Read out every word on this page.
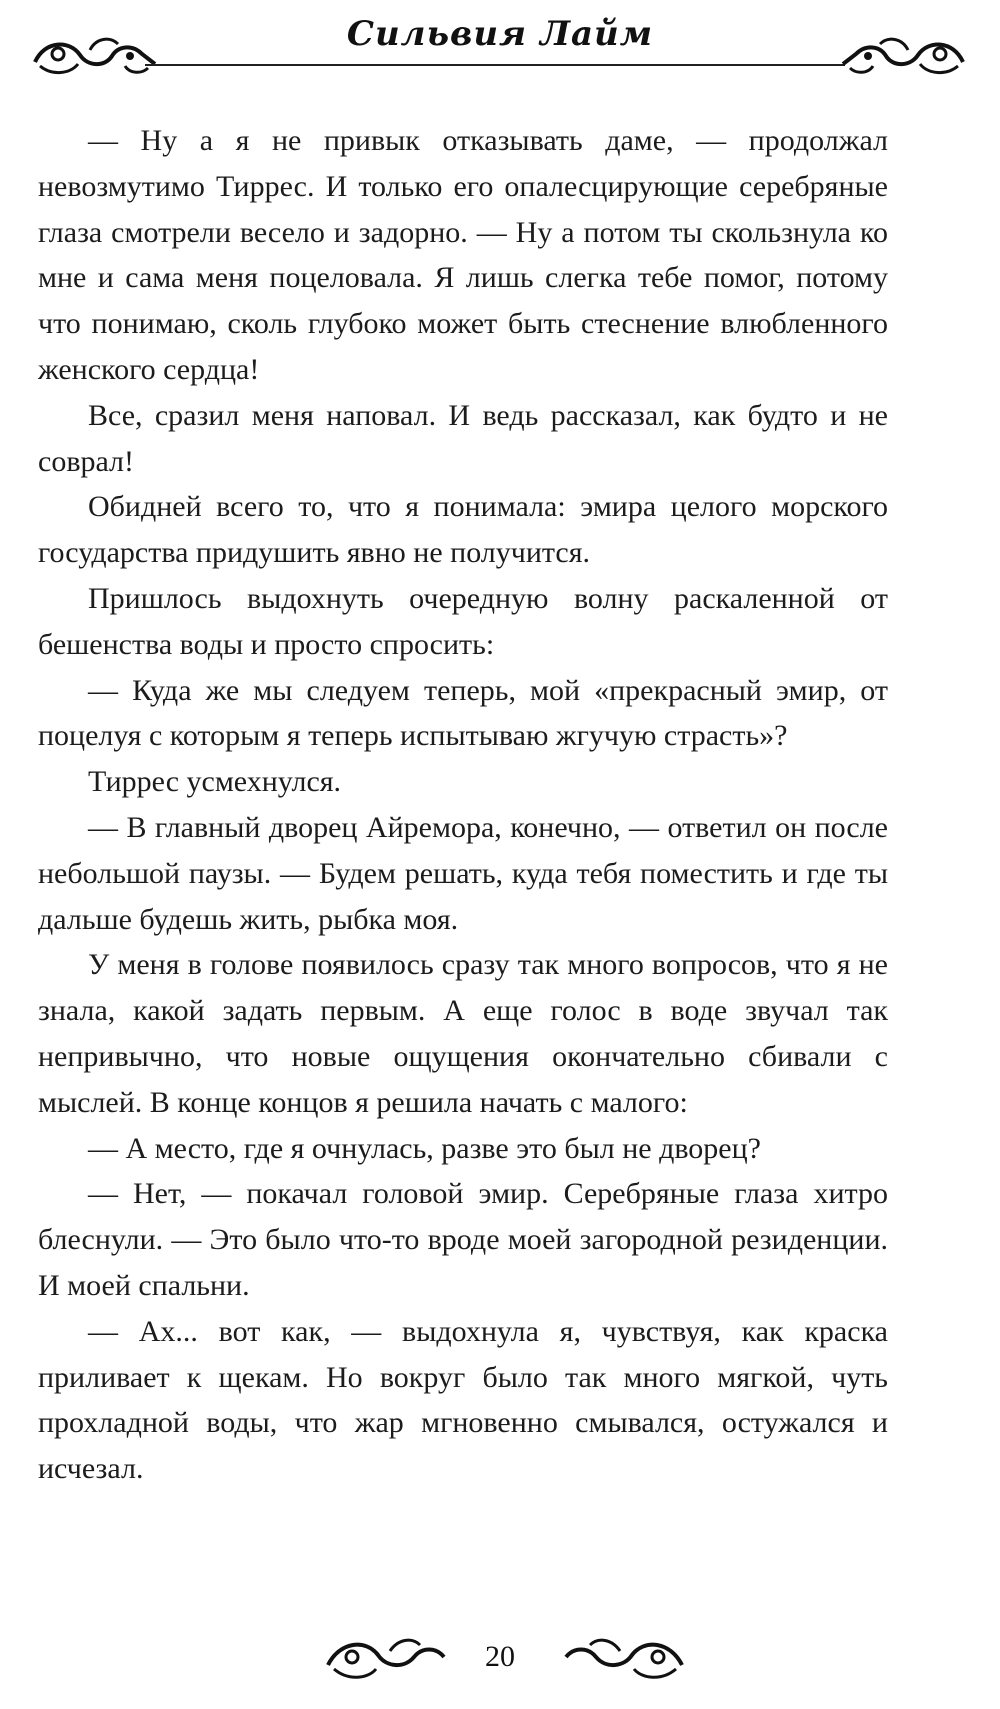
Сильвия Лайм

— Ну а я не привык отказывать даме, — продолжал невозмутимо Тиррес. И только его опалесцирующие серебряные глаза смотрели весело и задорно. — Ну а потом ты скользнула ко мне и сама меня поцеловала. Я лишь слегка тебе помог, потому что понимаю, сколь глубоко может быть стеснение влюбленного женского сердца!

Все, сразил меня наповал. И ведь рассказал, как будто и не соврал!

Обидней всего то, что я понимала: эмира целого морского государства придушить явно не получится.

Пришлось выдохнуть очередную волну раскаленной от бешенства воды и просто спросить:

— Куда же мы следуем теперь, мой «прекрасный эмир, от поцелуя с которым я теперь испытываю жгучую страсть»?

Тиррес усмехнулся.

— В главный дворец Айремора, конечно, — ответил он после небольшой паузы. — Будем решать, куда тебя поместить и где ты дальше будешь жить, рыбка моя.

У меня в голове появилось сразу так много вопросов, что я не знала, какой задать первым. А еще голос в воде звучал так непривычно, что новые ощущения окончательно сбивали с мыслей. В конце концов я решила начать с малого:

— А место, где я очнулась, разве это был не дворец?

— Нет, — покачал головой эмир. Серебряные глаза хитро блеснули. — Это было что-то вроде моей загородной резиденции. И моей спальни.

— Ах... вот как, — выдохнула я, чувствуя, как краска приливает к щекам. Но вокруг было так много мягкой, чуть прохладной воды, что жар мгновенно смывался, остужался и исчезал.

20
